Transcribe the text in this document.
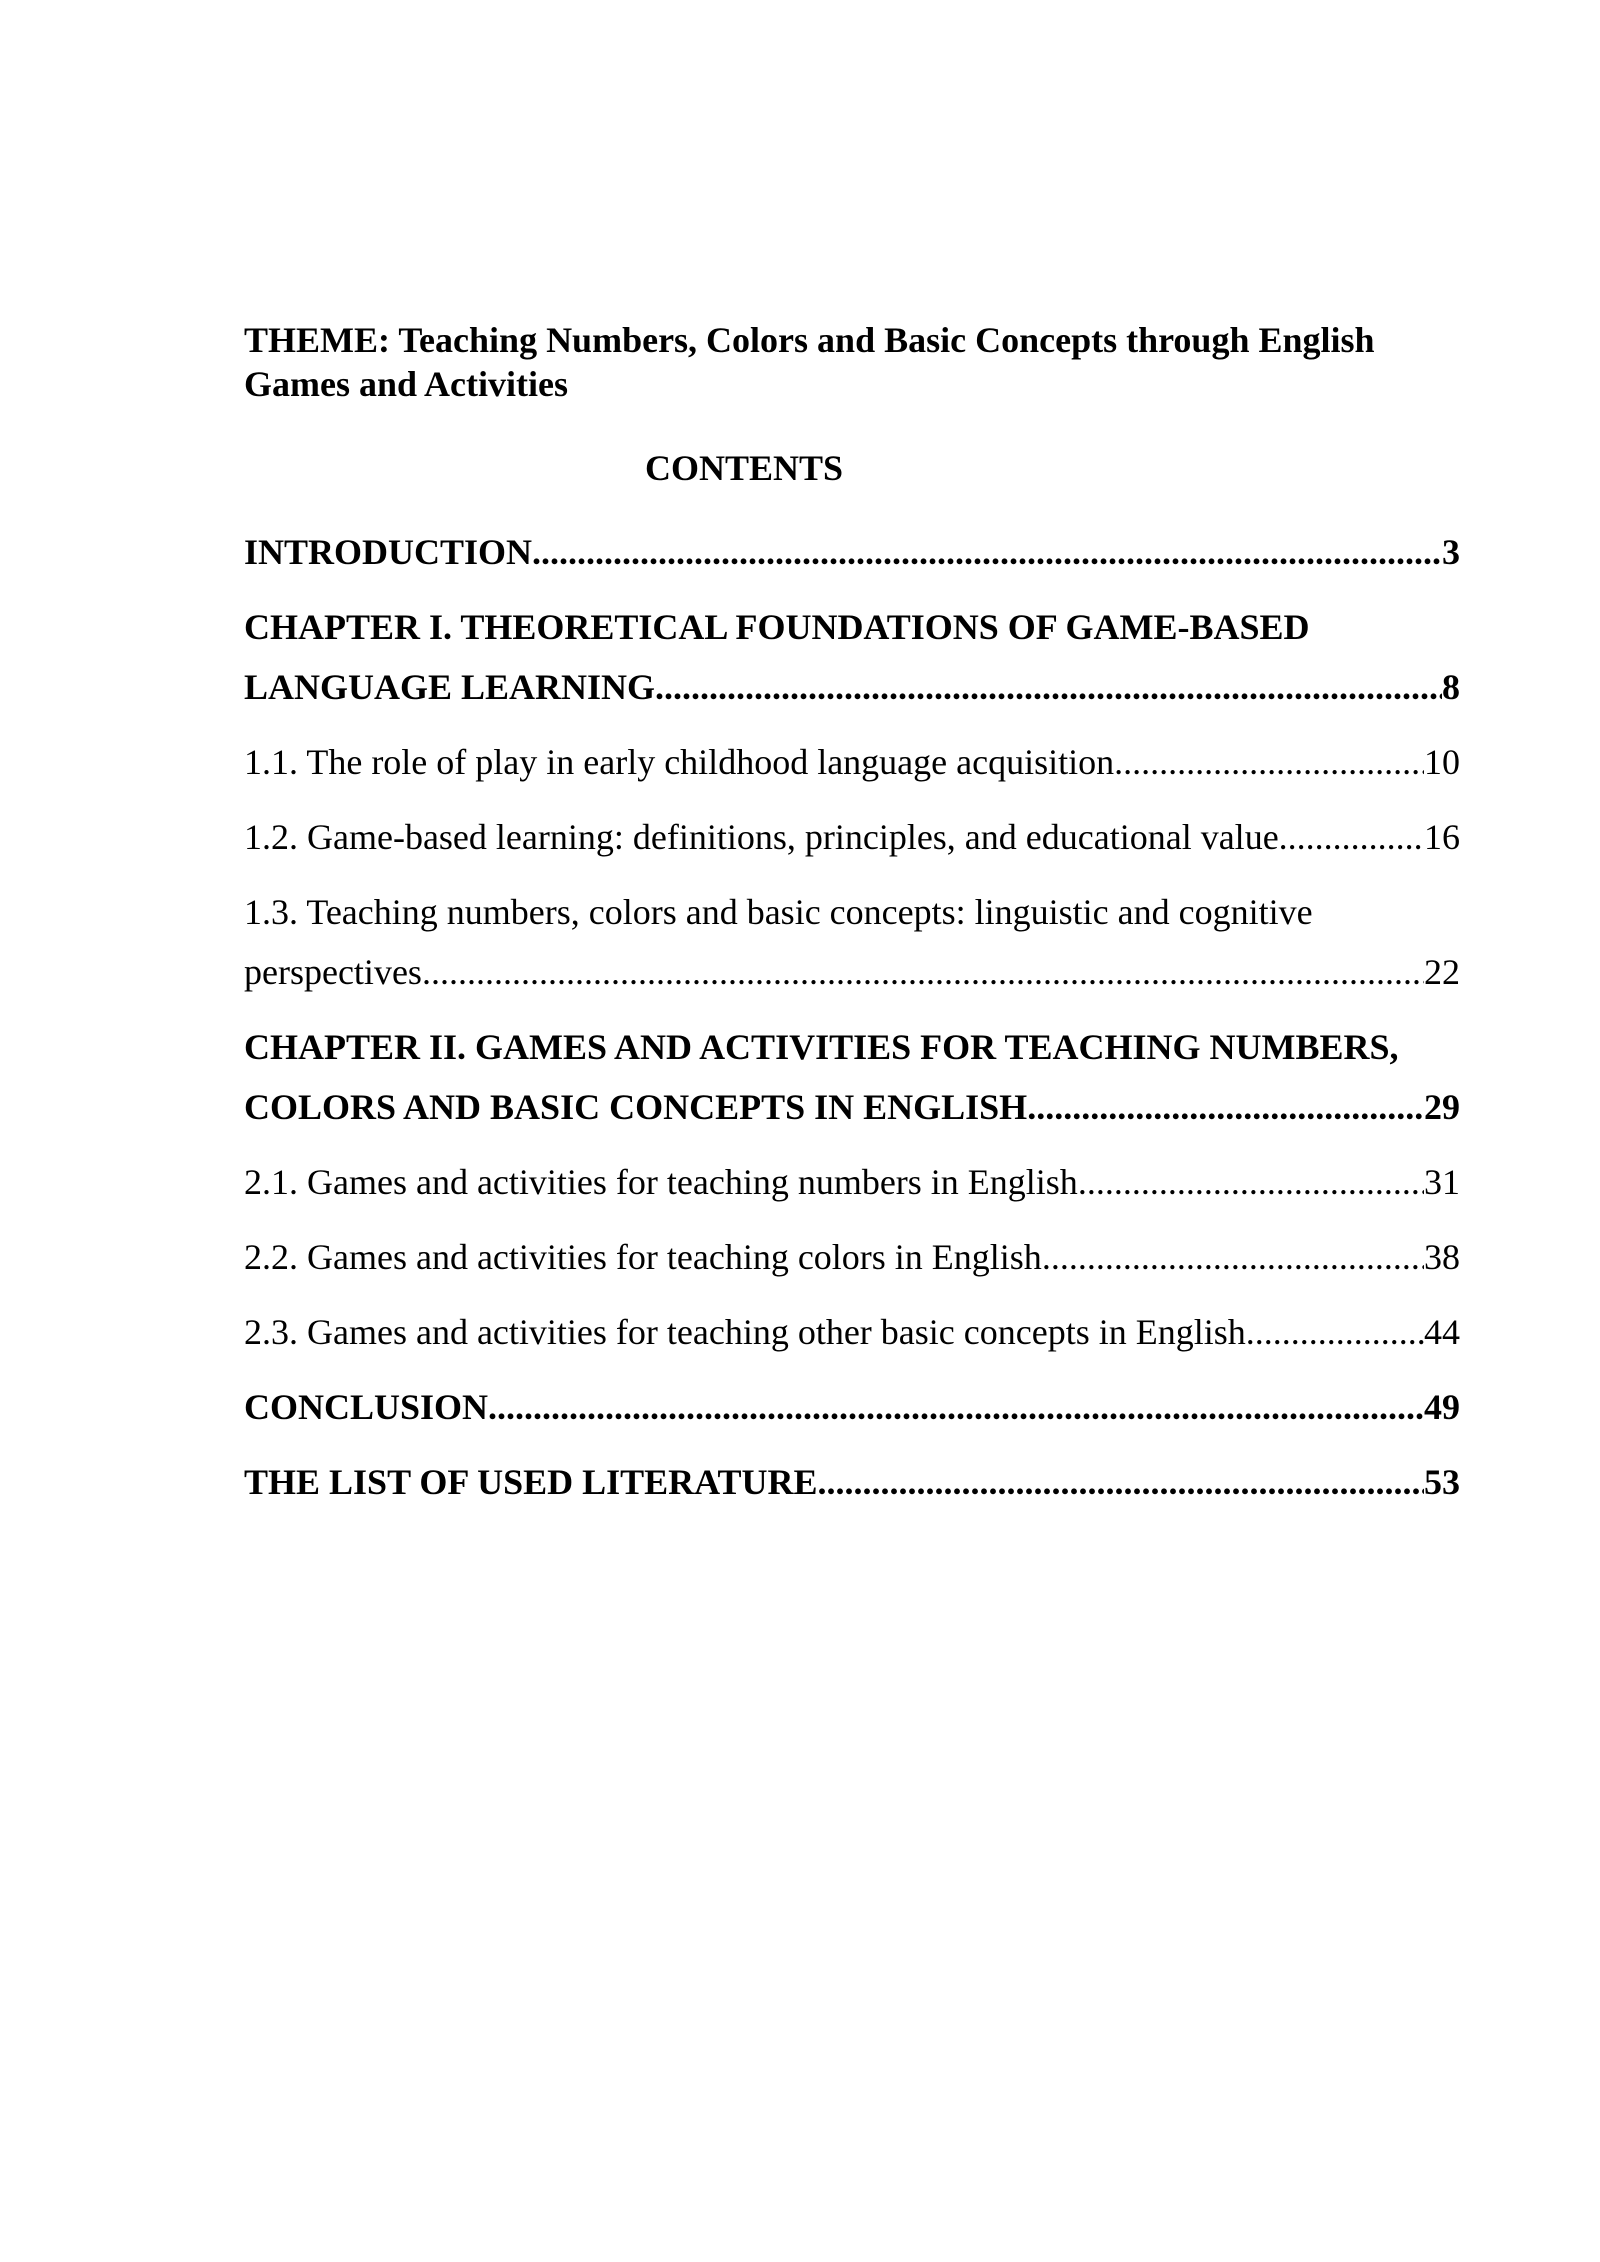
THEME: Teaching Numbers, Colors and Basic Concepts through English
Games and Activities
CONTENTS
INTRODUCTION .....	3
CHAPTER I. THEORETICAL FOUNDATIONS OF GAME-BASED
LANGUAGE LEARNING .....	8
1.1. The role of play in early childhood language acquisition .....	10
1.2. Game-based learning: definitions, principles, and educational value .....	16
1.3. Teaching numbers, colors and basic concepts: linguistic and cognitive
perspectives .....	22
CHAPTER II. GAMES AND ACTIVITIES FOR TEACHING NUMBERS,
COLORS AND BASIC CONCEPTS IN ENGLISH .....	29
2.1. Games and activities for teaching numbers in English .....	31
2.2. Games and activities for teaching colors in English .....	38
2.3. Games and activities for teaching other basic concepts in English .....	44
CONCLUSION .....	49
THE LIST OF USED LITERATURE .....	53
